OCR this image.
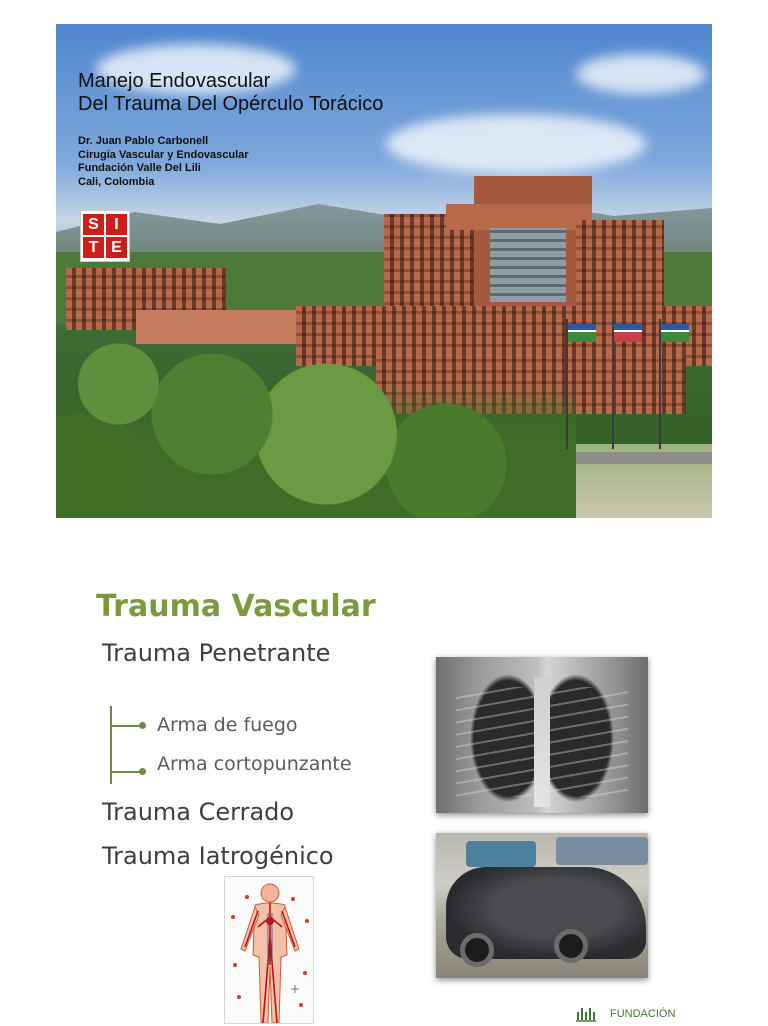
Manejo Endovascular
Del Trauma Del Opérculo Torácico
Dr. Juan Pablo Carbonell
Cirugía Vascular y Endovascular
Fundación Valle Del Lili
Cali, Colombia
S I
T E
Trauma Vascular

Trauma Penetrante

Arma de fuego
Arma cortopunzante

Trauma Cerrado

Trauma Iatrogénico

FUNDACIÓN
